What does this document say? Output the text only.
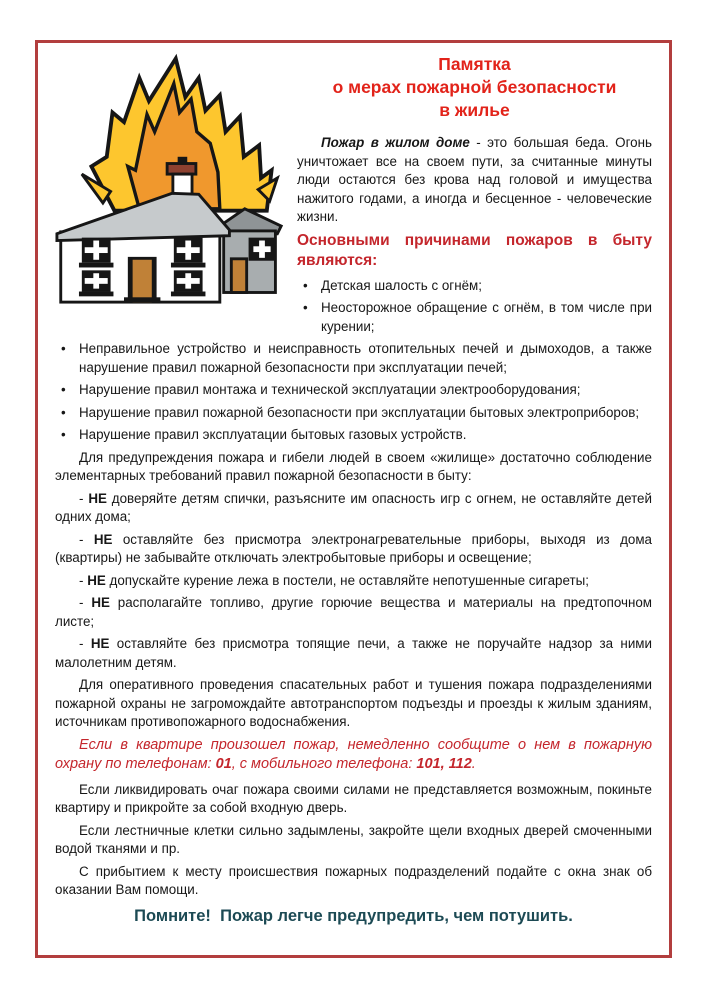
Памятка
о мерах пожарной безопасности
в жилье

Пожар в жилом доме - это большая беда. Огонь уничтожает все на своем пути, за считанные минуты люди остаются без крова над головой и имущества нажитого годами, а иногда и бесценное - человеческие жизни.

Основными причинами пожаров в быту являются:
• Детская шалость с огнём;
• Неосторожное обращение с огнём, в том числе при курении;
• Неправильное устройство и неисправность отопительных печей и дымоходов, а также нарушение правил пожарной безопасности при эксплуатации печей;
• Нарушение правил монтажа и технической эксплуатации электрооборудования;
• Нарушение правил пожарной безопасности при эксплуатации бытовых электроприборов;
• Нарушение правил эксплуатации бытовых газовых устройств.

Для предупреждения пожара и гибели людей в своем «жилище» достаточно соблюдение элементарных требований правил пожарной безопасности в быту:

- НЕ доверяйте детям спички, разъясните им опасность игр с огнем, не оставляйте детей одних дома;

- НЕ оставляйте без присмотра электронагревательные приборы, выходя из дома (квартиры) не забывайте отключать электробытовые приборы и освещение;

- НЕ допускайте курение лежа в постели, не оставляйте непотушенные сигареты;

- НЕ располагайте топливо, другие горючие вещества и материалы на предтопочном листе;

- НЕ оставляйте без присмотра топящие печи, а также не поручайте надзор за ними малолетним детям.

Для оперативного проведения спасательных работ и тушения пожара подразделениями пожарной охраны не загромождайте автотранспортом подъезды и проезды к жилым зданиям, источникам противопожарного водоснабжения.

Если в квартире произошел пожар, немедленно сообщите о нем в пожарную охрану по телефонам: 01, с мобильного телефона: 101, 112.

Если ликвидировать очаг пожара своими силами не представляется возможным, покиньте квартиру и прикройте за собой входную дверь.

Если лестничные клетки сильно задымлены, закройте щели входных дверей смоченными водой тканями и пр.

С прибытием к месту происшествия пожарных подразделений подайте с окна знак об оказании Вам помощи.

Помните!  Пожар легче предупредить, чем потушить.
